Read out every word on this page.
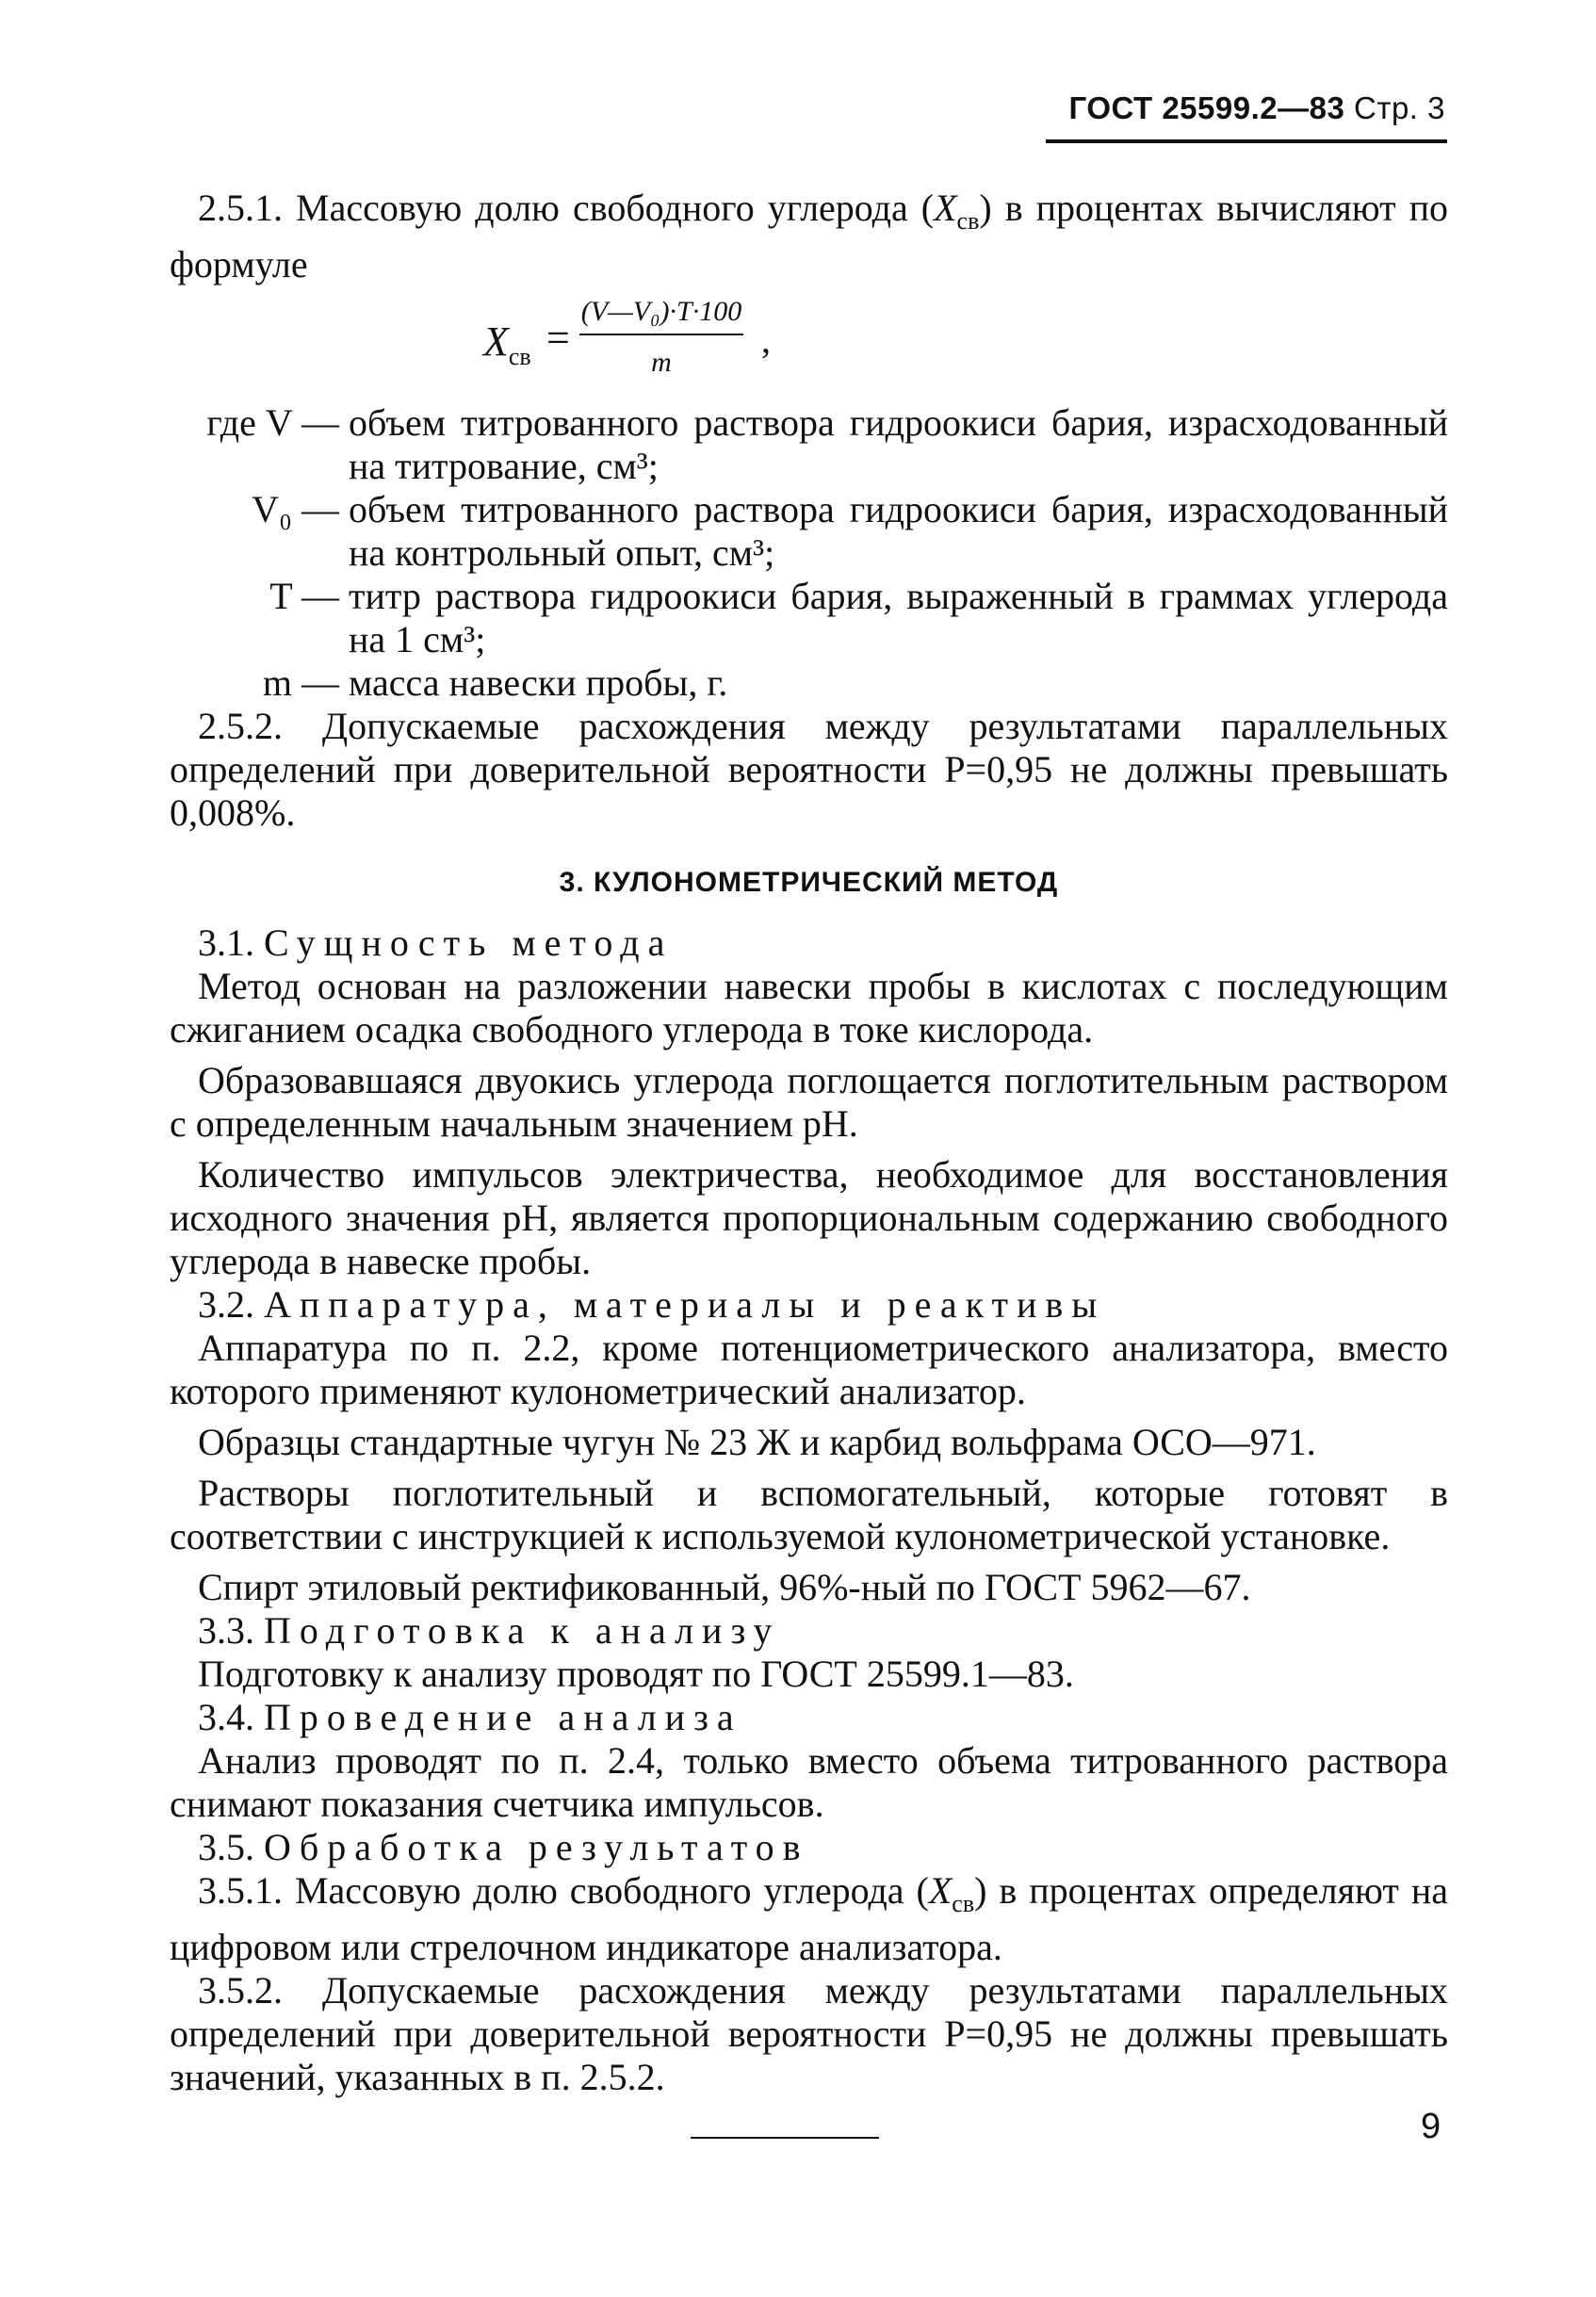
ГОСТ 25599.2—83 Стр. 3

2.5.1. Массовую долю свободного углерода $(X_{св})$ в процентах вычисляют по формуле

$X_{св}$ =
(V—V₀)·T·100
m
,
где V — объем титрованного раствора гидроокиси бария, израсходованный на титрование, см³;
V₀ — объем титрованного раствора гидроокиси бария, израсходованный на контрольный опыт, см³;
T — титр раствора гидроокиси бария, выраженный в граммах углерода на 1 см³;
m — масса навески пробы, г.

2.5.2. Допускаемые расхождения между результатами параллельных определений при доверительной вероятности P=0,95 не должны превышать 0,008%.

3. КУЛОНОМЕТРИЧЕСКИЙ МЕТОД

3.1. Сущность метода

Метод основан на разложении навески пробы в кислотах с последующим сжиганием осадка свободного углерода в токе кислорода.

Образовавшаяся двуокись углерода поглощается поглотительным раствором с определенным начальным значением pH.

Количество импульсов электричества, необходимое для восстановления исходного значения pH, является пропорциональным содержанию свободного углерода в навеске пробы.

3.2. Аппаратура, материалы и реактивы

Аппаратура по п. 2.2, кроме потенциометрического анализатора, вместо которого применяют кулонометрический анализатор.

Образцы стандартные чугун № 23 Ж и карбид вольфрама ОСО—971.

Растворы поглотительный и вспомогательный, которые готовят в соответствии с инструкцией к используемой кулонометрической установке.

Спирт этиловый ректификованный, 96%-ный по ГОСТ 5962—67.

3.3. Подготовка к анализу

Подготовку к анализу проводят по ГОСТ 25599.1—83.

3.4. Проведение анализа

Анализ проводят по п. 2.4, только вместо объема титрованного раствора снимают показания счетчика импульсов.

3.5. Обработка результатов

3.5.1. Массовую долю свободного углерода $(X_{св})$ в процентах определяют на цифровом или стрелочном индикаторе анализатора.

3.5.2. Допускаемые расхождения между результатами параллельных определений при доверительной вероятности P=0,95 не должны превышать значений, указанных в п. 2.5.2.

9
